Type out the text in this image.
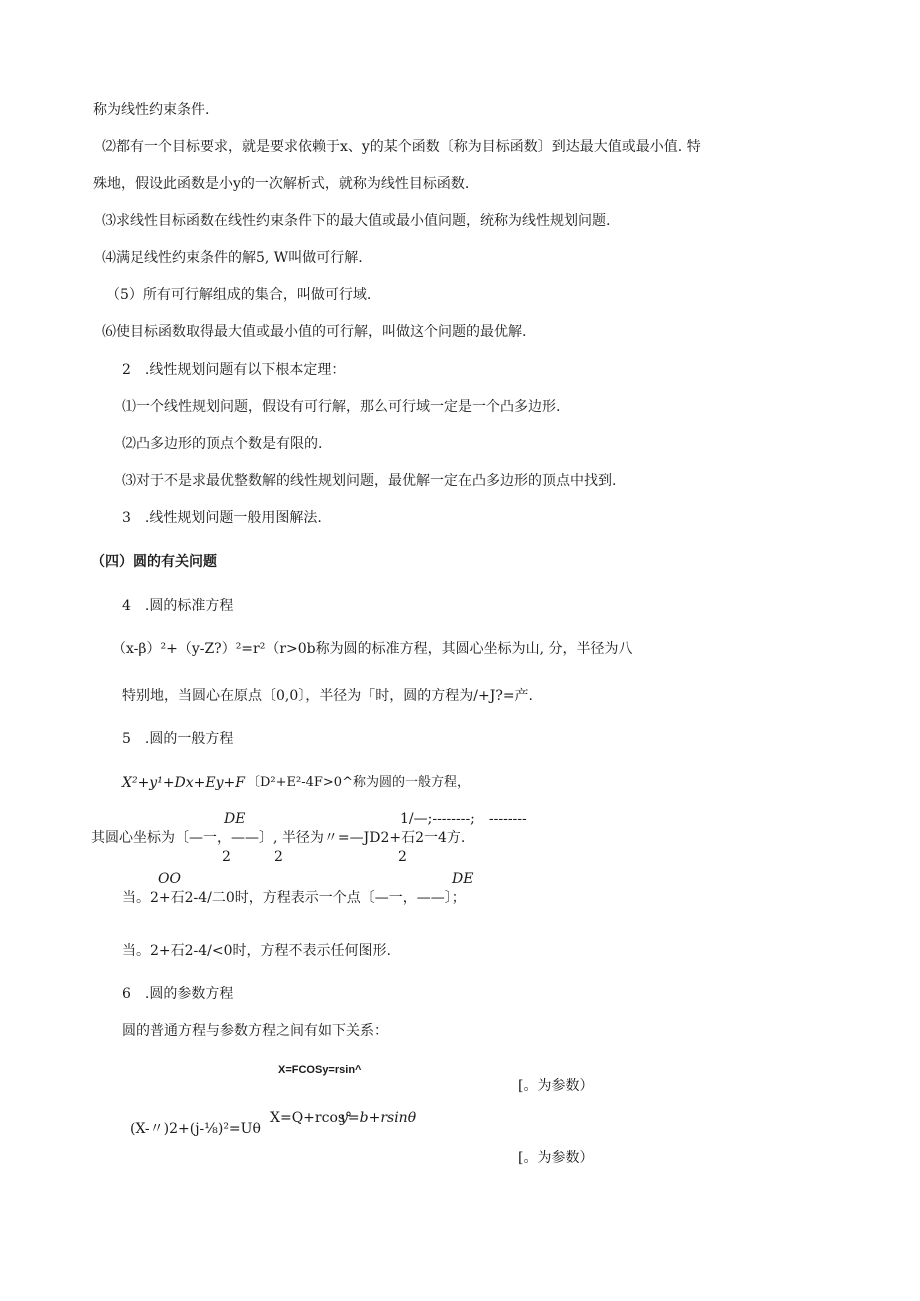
称为线性约束条件.
⑵都有一个目标要求，就是要求依赖于x、y的某个函数〔称为目标函数〕到达最大值或最小值. 特
殊地，假设此函数是小y的一次解析式，就称为线性目标函数.
⑶求线性目标函数在线性约束条件下的最大值或最小值问题，统称为线性规划问题.
⑷满足线性约束条件的解5, W叫做可行解.
（5）所有可行解组成的集合，叫做可行域.
⑹使目标函数取得最大值或最小值的可行解，叫做这个问题的最优解.
2　.线性规划问题有以下根本定理：
⑴一个线性规划问题，假设有可行解，那么可行域一定是一个凸多边形.
⑵凸多边形的顶点个数是有限的.
⑶对于不是求最优整数解的线性规划问题，最优解一定在凸多边形的顶点中找到.
3　.线性规划问题一般用图解法.
（四）圆的有关问题
4　.圆的标准方程
（x-β）²+（y-Z?）²=r²（r>0b称为圆的标准方程，其圆心坐标为山, 分，半径为八
特别地，当圆心在原点〔0,0〕，半径为「时，圆的方程为/+J?=产.
5　.圆的一般方程
X²+y¹+Dx+Ey+F 〔D²+E²-4F>0^称为圆的一般方程，
DE	1/—;--------;　--------
其圆心坐标为〔—一，——〕, 半径为〃=—JD2+石2一4方.
2	2	2
OO	DE
当。2+石2-4/二0时，方程表示一个点〔—一，——〕；
当。2+石2-4/<0时，方程不表示任何图形.
6　.圆的参数方程
圆的普通方程与参数方程之间有如下关系：
X=FCOSy=rsin^
[。为参数）
(X-〃)2+(j-⅛)²=Uθ
X=Q+rcos°
y=b+rsinθ
[。为参数）
